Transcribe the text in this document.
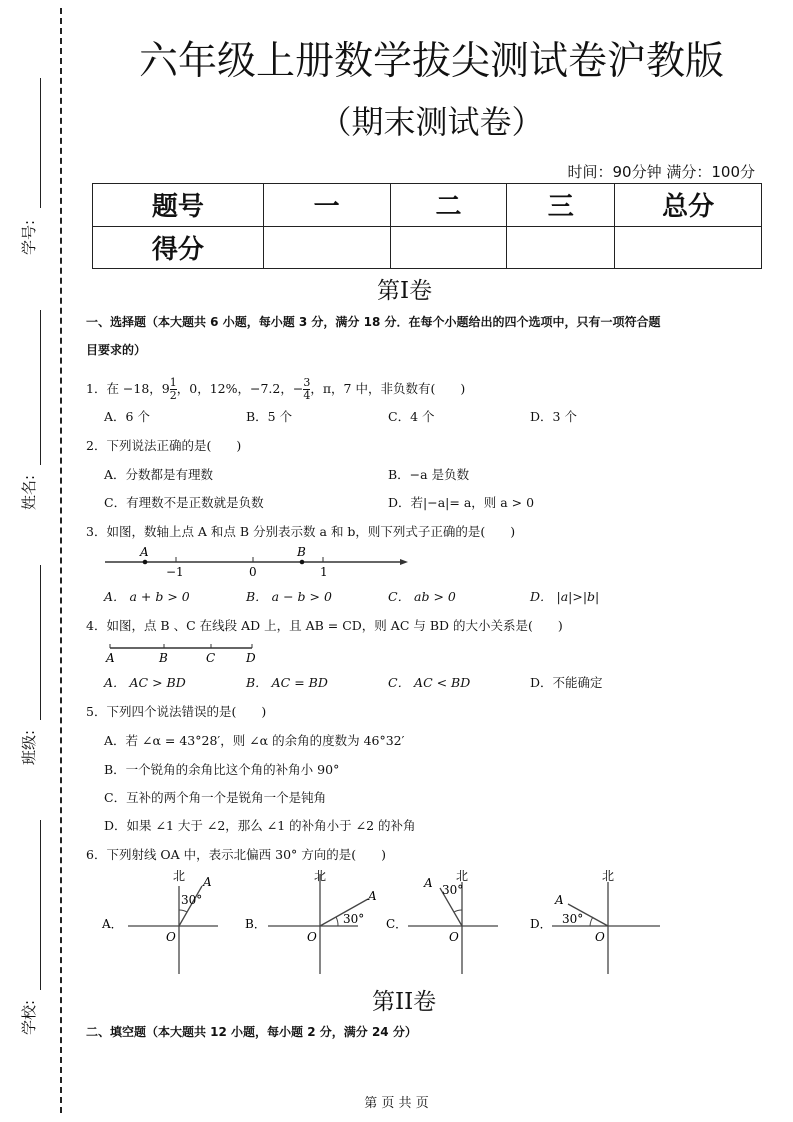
学号:
姓名:
班级:
学校:
六年级上册数学拔尖测试卷沪教版
（期末测试卷）
时间：90分钟 满分：100分
题号	一	二	三	总分
得分				
第I卷
一、选择题（本大题共 6 小题，每小题 3 分，满分 18 分．在每个小题给出的四个选项中，只有一项符合题
目要求的）
1．在 −18，$9 \frac{1}{2}$ ，0，12%，−7.2，− $\frac{3}{4}$ ，π，7 中，非负数有(　　)
A．6 个	B．5 个	C．4 个	D．3 个
2．下列说法正确的是(　　)
A．分数都是有理数	B．−a 是负数
C．有理数不是正数就是负数	D．若|−a|= a，则 a > 0
3．如图，数轴上点 A 和点 B 分别表示数 a 和 b，则下列式子正确的是(　　)
A	B
−1	0	1
A． a + b > 0	B． a − b > 0	C． ab > 0	D． |a|>|b|
4．如图，点 B 、C 在线段 AD 上，且 AB = CD，则 AC 与 BD 的大小关系是(　　)
A	B	C	D
A． AC > BD	B． AC = BD	C． AC < BD	D．不能确定
5．下列四个说法错误的是(　　)
A．若 ∠α = 43°28′，则 ∠α 的余角的度数为 46°32′
B．一个锐角的余角比这个角的补角小 90°
C．互补的两个角一个是锐角一个是钝角
D．如果 ∠1 大于 ∠2，那么 ∠1 的补角小于 ∠2 的补角
6．下列射线 OA 中，表示北偏西 30° 方向的是(　　)
A．
北 A
30°
O
B．
北
A
30°
O
C．
北
A 30°
O
D．
北
A
30°
O
第II卷
二、填空题（本大题共 12 小题，每小题 2 分，满分 24 分）
第 页 共 页
